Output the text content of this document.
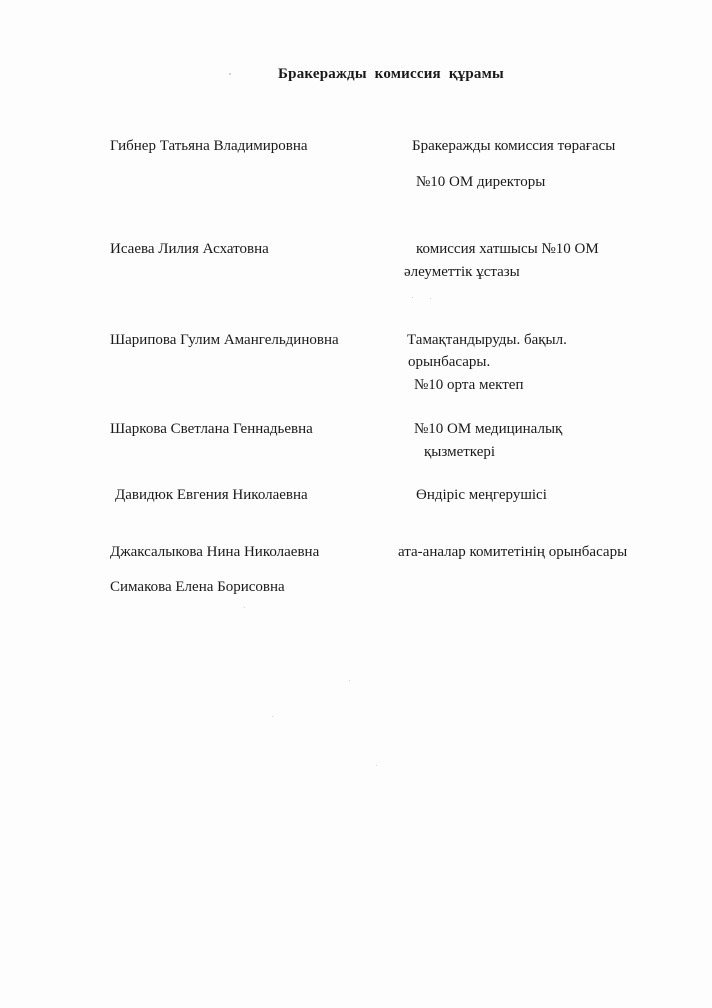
Бракеражды комиссия құрамы
Гибнер Татьяна Владимировна	Бракеражды комиссия төрағасы
№10 ОМ директоры
Исаева Лилия Асхатовна	комиссия хатшысы №10 ОМ
әлеуметтік ұстазы
Шарипова Гулим Амангельдиновна	Тамақтандыруды. бақыл.
орынбасары.
№10 орта мектеп
Шаркова Светлана Геннадьевна	№10 ОМ медициналық
қызметкері
Давидюк Евгения Николаевна	Өндіріс меңгерушісі
Джаксалыкова Нина Николаевна	ата-аналар комитетінің орынбасары
Симакова Елена Борисовна
